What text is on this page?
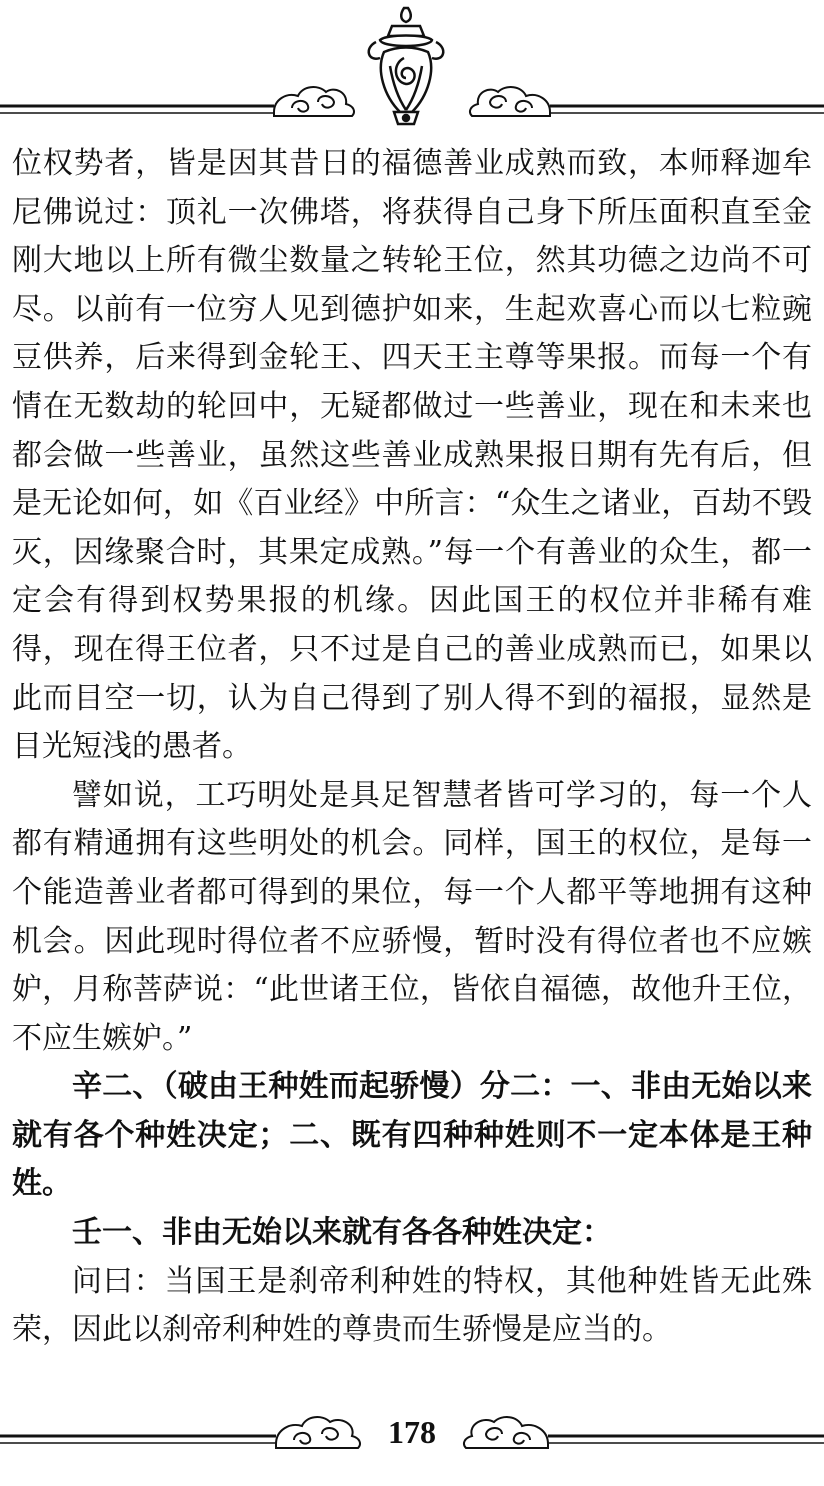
位权势者，皆是因其昔日的福德善业成熟而致，本师释迦牟尼佛说过：顶礼一次佛塔，将获得自己身下所压面积直至金刚大地以上所有微尘数量之转轮王位，然其功德之边尚不可尽。以前有一位穷人见到德护如来，生起欢喜心而以七粒豌豆供养，后来得到金轮王、四天王主尊等果报。而每一个有情在无数劫的轮回中，无疑都做过一些善业，现在和未来也都会做一些善业，虽然这些善业成熟果报日期有先有后，但是无论如何，如《百业经》中所言：“众生之诸业，百劫不毁灭，因缘聚合时，其果定成熟。”每一个有善业的众生，都一定会有得到权势果报的机缘。因此国王的权位并非稀有难得，现在得王位者，只不过是自己的善业成熟而已，如果以此而目空一切，认为自己得到了别人得不到的福报，显然是目光短浅的愚者。

譬如说，工巧明处是具足智慧者皆可学习的，每一个人都有精通拥有这些明处的机会。同样，国王的权位，是每一个能造善业者都可得到的果位，每一个人都平等地拥有这种机会。因此现时得位者不应骄慢，暂时没有得位者也不应嫉妒，月称菩萨说：“此世诸王位，皆依自福德，故他升王位，不应生嫉妒。”

辛二、（破由王种姓而起骄慢）分二：一、非由无始以来就有各个种姓决定；二、既有四种种姓则不一定本体是王种姓。

壬一、非由无始以来就有各各种姓决定：

问曰：当国王是刹帝利种姓的特权，其他种姓皆无此殊荣，因此以刹帝利种姓的尊贵而生骄慢是应当的。

178
